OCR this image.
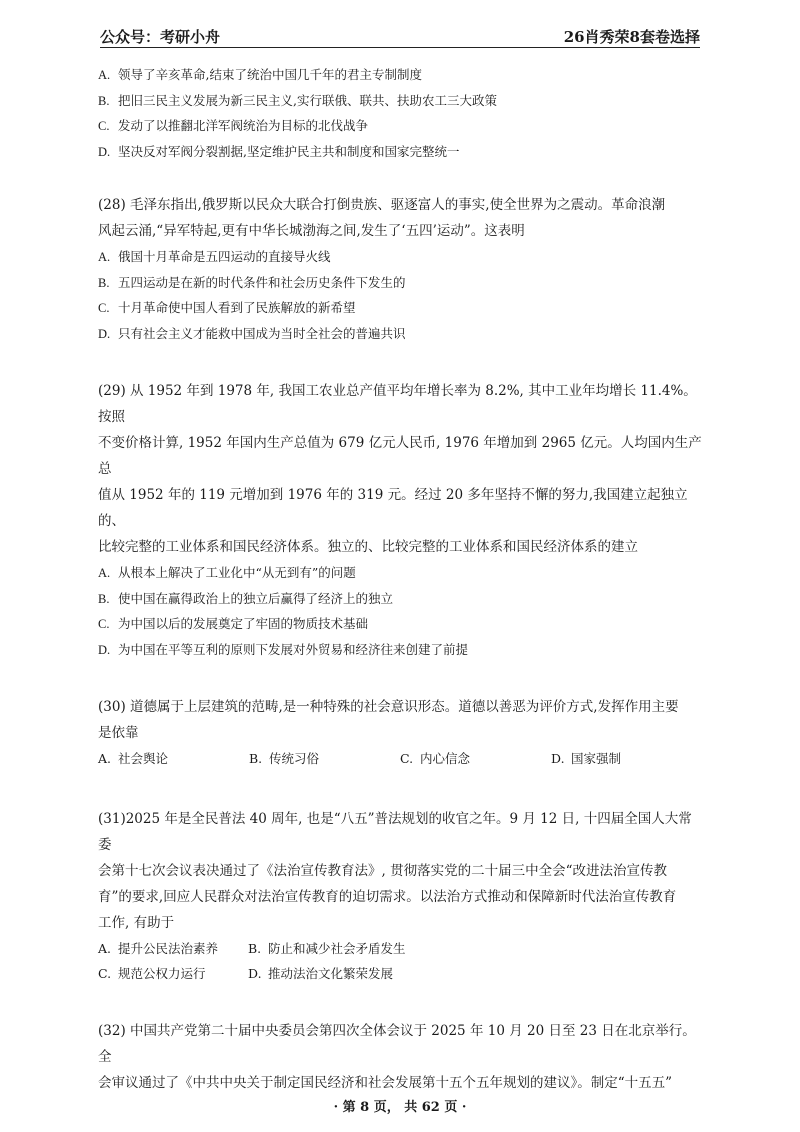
公众号：考研小舟	26肖秀荣8套卷选择
A. 领导了辛亥革命,结束了统治中国几千年的君主专制制度
B. 把旧三民主义发展为新三民主义,实行联俄、联共、扶助农工三大政策
C. 发动了以推翻北洋军阀统治为目标的北伐战争
D. 坚决反对军阀分裂割据,坚定维护民主共和制度和国家完整统一
(28) 毛泽东指出,俄罗斯以民众大联合打倒贵族、驱逐富人的事实,使全世界为之震动。革命浪潮
风起云涌,“异军特起,更有中华长城渤海之间,发生了‘五四’运动”。这表明
A. 俄国十月革命是五四运动的直接导火线
B. 五四运动是在新的时代条件和社会历史条件下发生的
C. 十月革命使中国人看到了民族解放的新希望
D. 只有社会主义才能救中国成为当时全社会的普遍共识
(29) 从 1952 年到 1978 年, 我国工农业总产值平均年增长率为 8.2%, 其中工业年均增长 11.4%。按照
不变价格计算, 1952 年国内生产总值为 679 亿元人民币, 1976 年增加到 2965 亿元。人均国内生产总
值从 1952 年的 119 元增加到 1976 年的 319 元。经过 20 多年坚持不懈的努力,我国建立起独立的、
比较完整的工业体系和国民经济体系。独立的、比较完整的工业体系和国民经济体系的建立
A. 从根本上解决了工业化中“从无到有”的问题
B. 使中国在赢得政治上的独立后赢得了经济上的独立
C. 为中国以后的发展奠定了牢固的物质技术基础
D. 为中国在平等互利的原则下发展对外贸易和经济往来创建了前提
(30) 道德属于上层建筑的范畴,是一种特殊的社会意识形态。道德以善恶为评价方式,发挥作用主要
是依靠
A. 社会舆论	B. 传统习俗	C. 内心信念	D. 国家强制
(31)2025 年是全民普法 40 周年, 也是“八五”普法规划的收官之年。9 月 12 日, 十四届全国人大常委
会第十七次会议表决通过了《法治宣传教育法》, 贯彻落实党的二十届三中全会“改进法治宣传教
育”的要求,回应人民群众对法治宣传教育的迫切需求。以法治方式推动和保障新时代法治宣传教育
工作, 有助于
A. 提升公民法治素养	B. 防止和减少社会矛盾发生
C. 规范公权力运行	D. 推动法治文化繁荣发展
(32) 中国共产党第二十届中央委员会第四次全体会议于 2025 年 10 月 20 日至 23 日在北京举行。全
会审议通过了《中共中央关于制定国民经济和社会发展第十五个五年规划的建议》。制定“十五五”
· 第 8 页， 共 62 页 ·
